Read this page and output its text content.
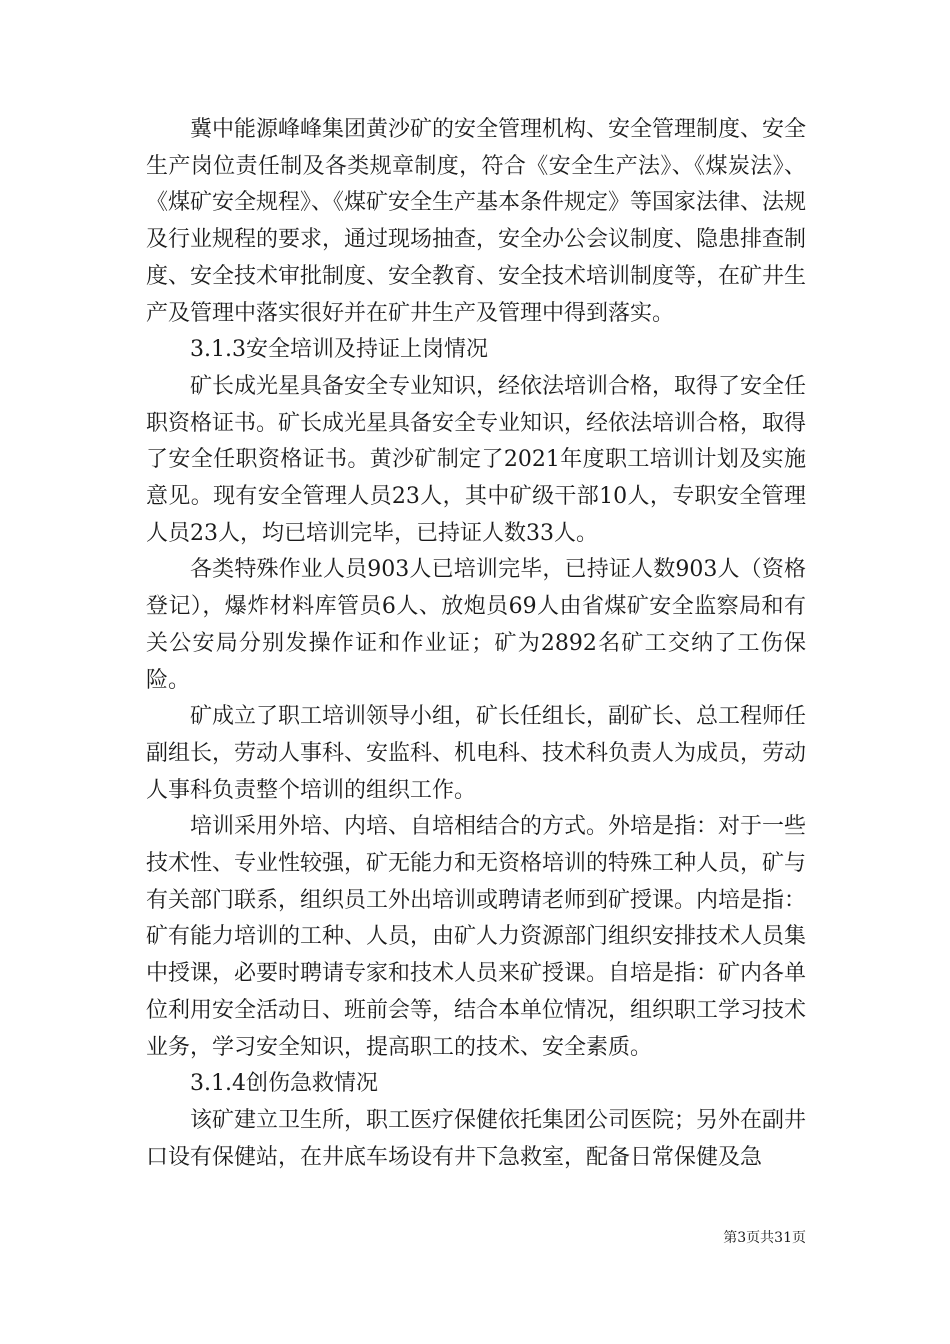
冀中能源峰峰集团黄沙矿的安全管理机构、安全管理制度、安全生产岗位责任制及各类规章制度，符合《安全生产法》、《煤炭法》、《煤矿安全规程》、《煤矿安全生产基本条件规定》等国家法律、法规及行业规程的要求，通过现场抽查，安全办公会议制度、隐患排查制度、安全技术审批制度、安全教育、安全技术培训制度等，在矿井生产及管理中落实很好并在矿井生产及管理中得到落实。

3.1.3安全培训及持证上岗情况

矿长成光星具备安全专业知识，经依法培训合格，取得了安全任职资格证书。矿长成光星具备安全专业知识，经依法培训合格，取得了安全任职资格证书。黄沙矿制定了2021年度职工培训计划及实施意见。现有安全管理人员23人，其中矿级干部10人，专职安全管理人员23人，均已培训完毕，已持证人数33人。

各类特殊作业人员903人已培训完毕，已持证人数903人（资格登记），爆炸材料库管员6人、放炮员69人由省煤矿安全监察局和有关公安局分别发操作证和作业证；矿为2892名矿工交纳了工伤保险。

矿成立了职工培训领导小组，矿长任组长，副矿长、总工程师任副组长，劳动人事科、安监科、机电科、技术科负责人为成员，劳动人事科负责整个培训的组织工作。

培训采用外培、内培、自培相结合的方式。外培是指：对于一些技术性、专业性较强，矿无能力和无资格培训的特殊工种人员，矿与有关部门联系，组织员工外出培训或聘请老师到矿授课。内培是指：矿有能力培训的工种、人员，由矿人力资源部门组织安排技术人员集中授课，必要时聘请专家和技术人员来矿授课。自培是指：矿内各单位利用安全活动日、班前会等，结合本单位情况，组织职工学习技术业务，学习安全知识，提高职工的技术、安全素质。

3.1.4创伤急救情况

该矿建立卫生所，职工医疗保健依托集团公司医院；另外在副井口设有保健站，在井底车场设有井下急救室，配备日常保健及急

第3页共31页
